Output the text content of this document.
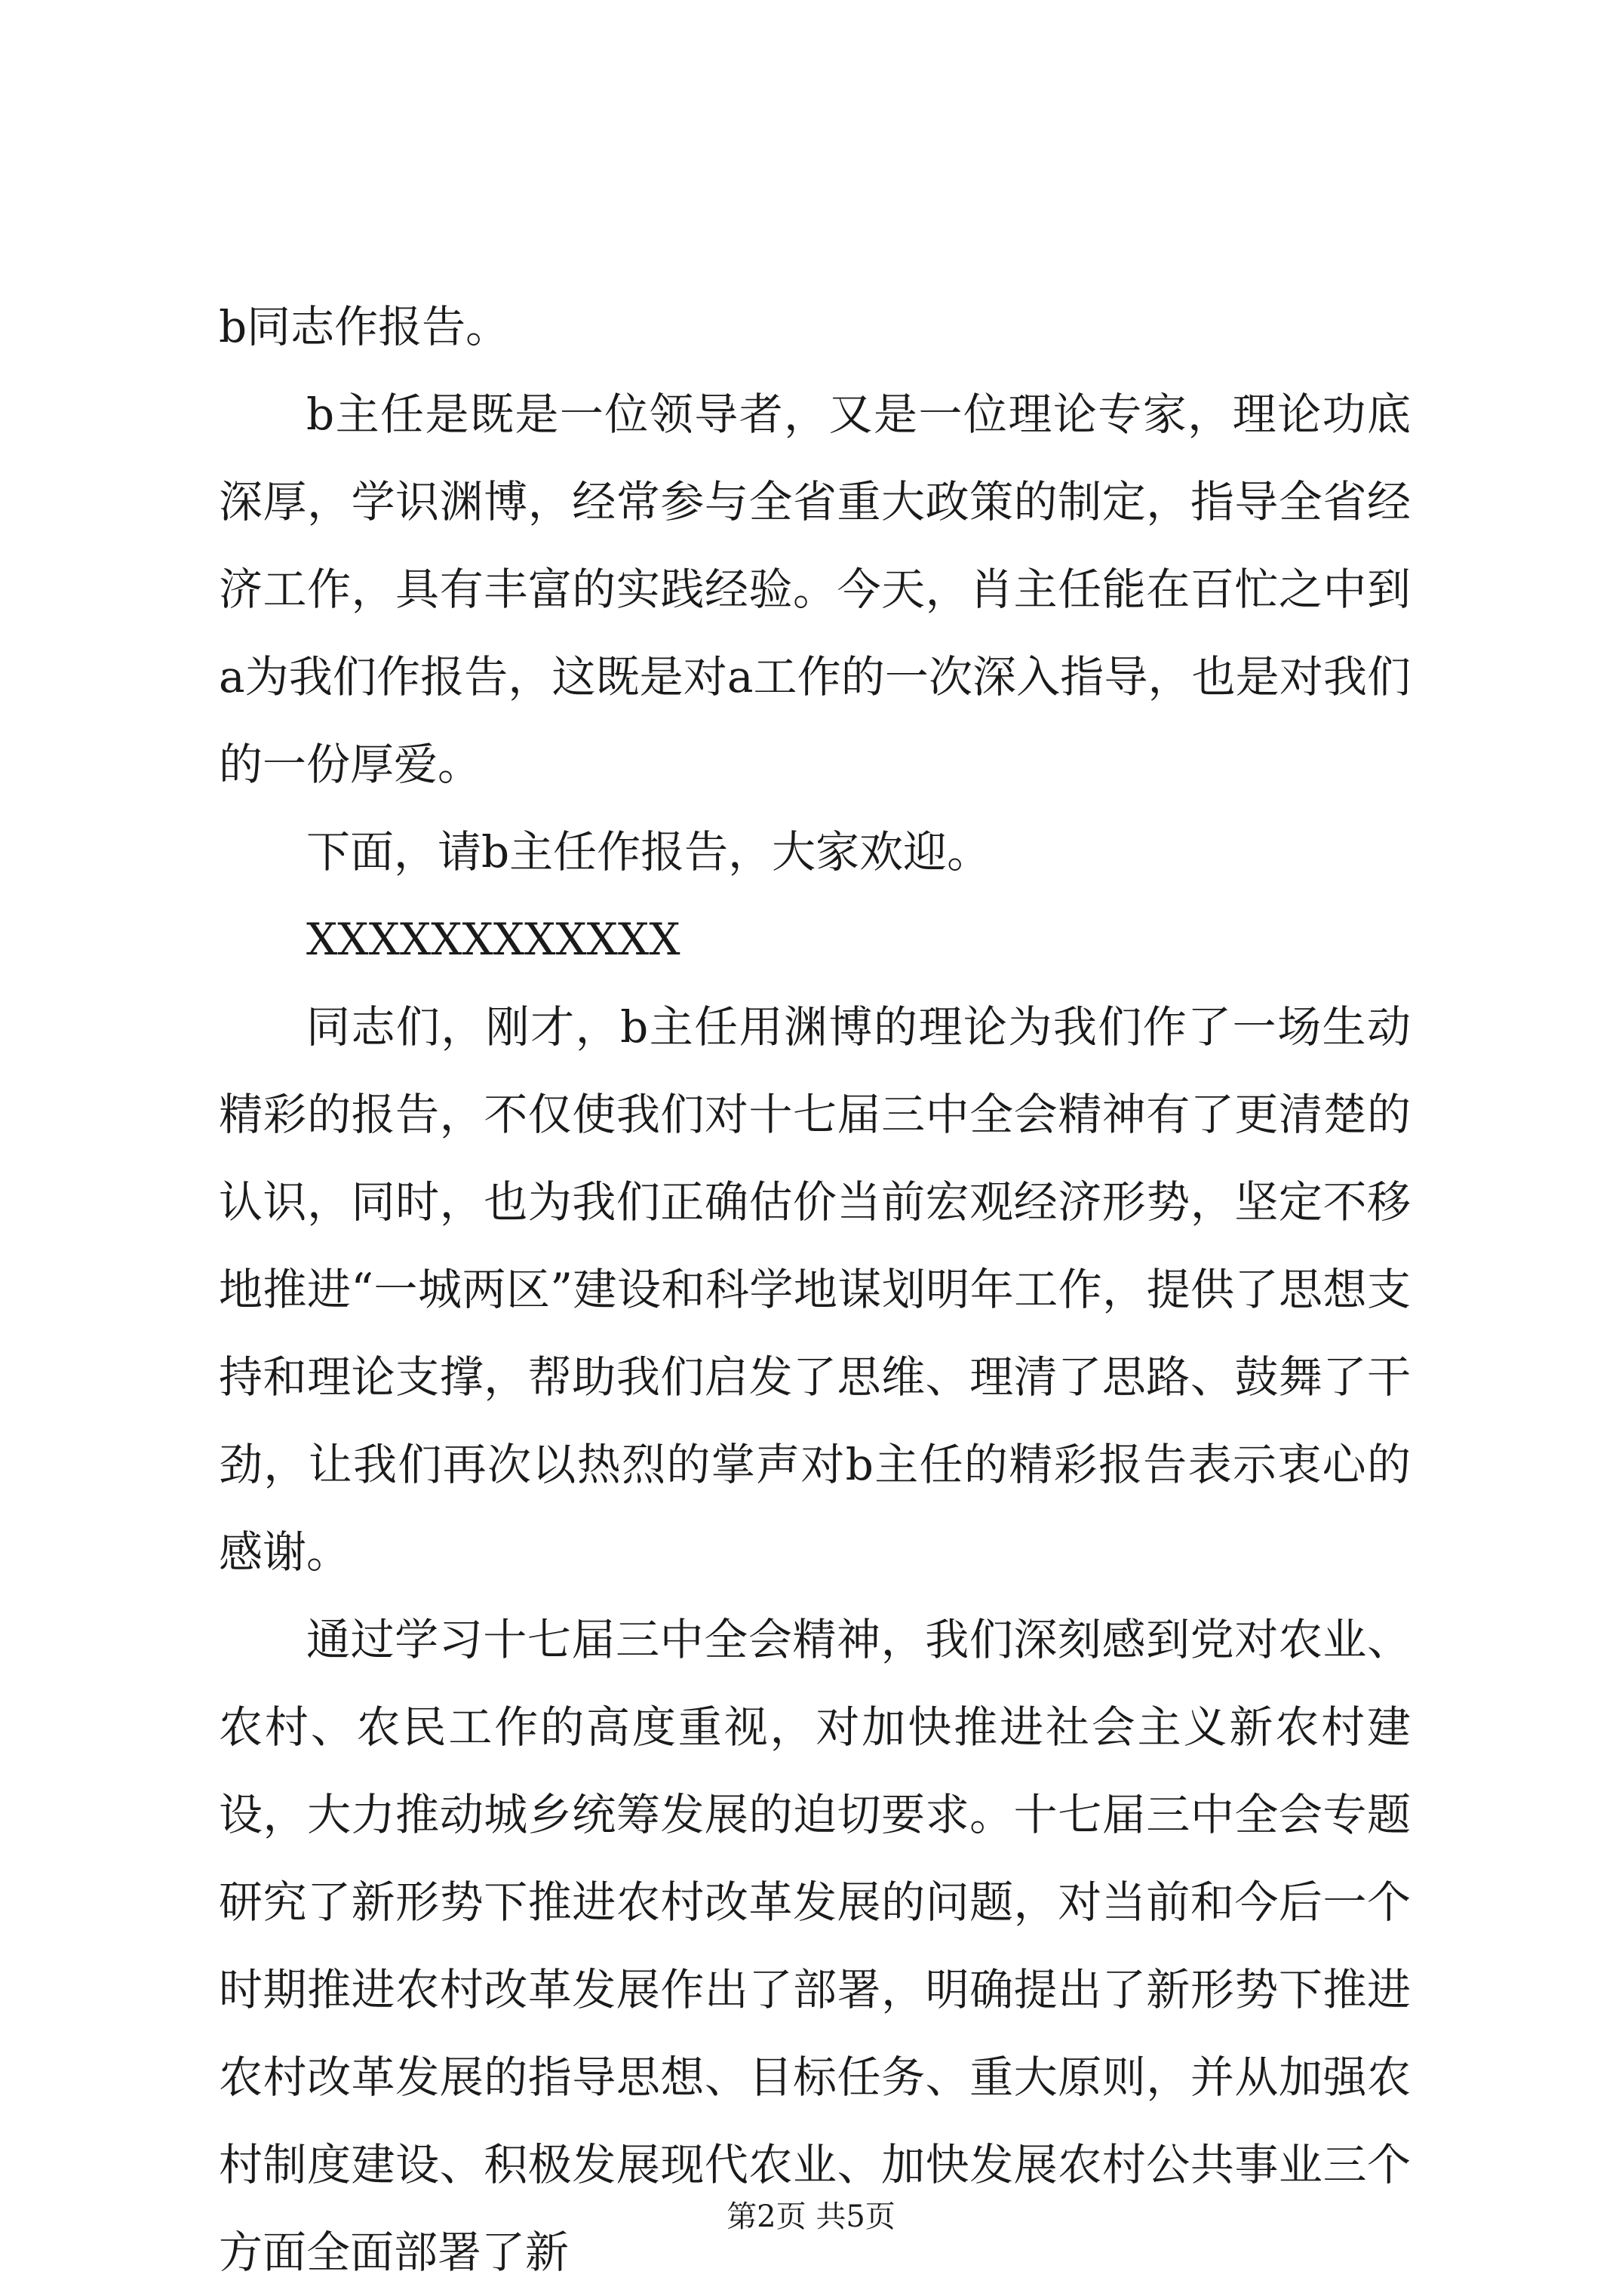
b同志作报告。

b主任是既是一位领导者，又是一位理论专家，理论功底深厚，学识渊博，经常参与全省重大政策的制定，指导全省经济工作，具有丰富的实践经验。今天，肖主任能在百忙之中到a为我们作报告，这既是对a工作的一次深入指导，也是对我们的一份厚爱。

下面，请b主任作报告，大家欢迎。

XXXXXXXXXXXX

同志们，刚才，b主任用渊博的理论为我们作了一场生动精彩的报告，不仅使我们对十七届三中全会精神有了更清楚的认识，同时，也为我们正确估价当前宏观经济形势，坚定不移地推进“一城两区”建设和科学地谋划明年工作，提供了思想支持和理论支撑，帮助我们启发了思维、理清了思路、鼓舞了干劲，让我们再次以热烈的掌声对b主任的精彩报告表示衷心的感谢。

通过学习十七届三中全会精神，我们深刻感到党对农业、农村、农民工作的高度重视，对加快推进社会主义新农村建设，大力推动城乡统筹发展的迫切要求。十七届三中全会专题研究了新形势下推进农村改革发展的问题，对当前和今后一个时期推进农村改革发展作出了部署，明确提出了新形势下推进农村改革发展的指导思想、目标任务、重大原则，并从加强农村制度建设、积极发展现代农业、加快发展农村公共事业三个方面全面部署了新

第2页 共5页
